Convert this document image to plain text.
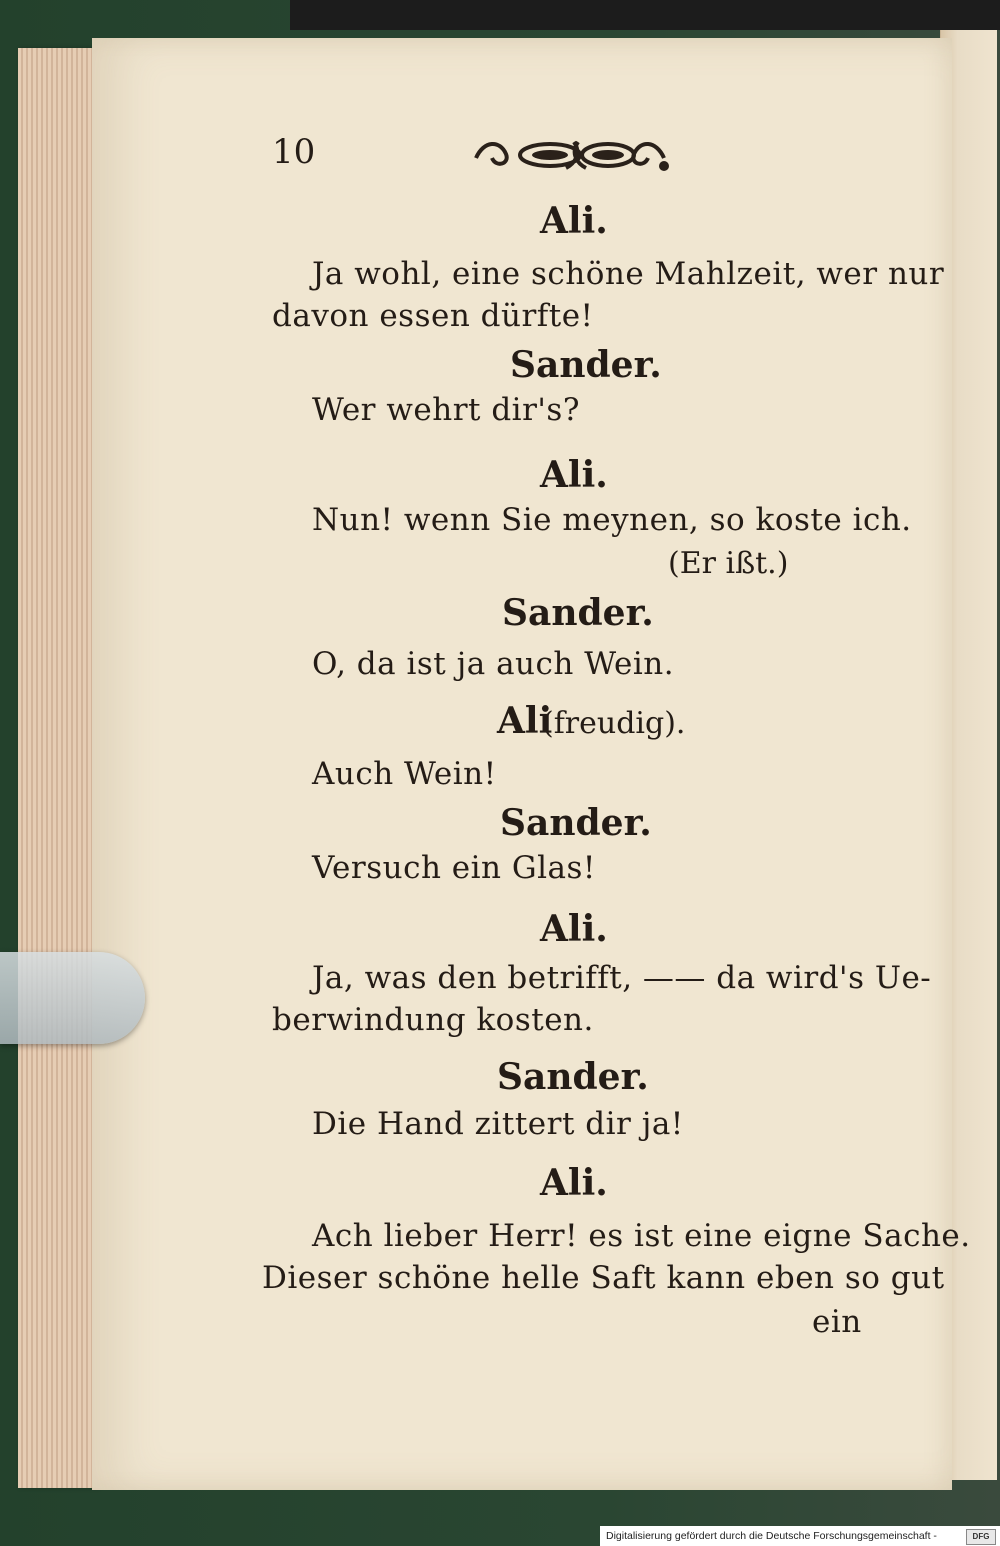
10
Ali.
Ja wohl, eine schöne Mahlzeit, wer nur
davon essen dürfte!
Sander.
Wer wehrt dir's?
Ali.
Nun! wenn Sie meynen, so koste ich.
(Er ißt.)
Sander.
O, da ist ja auch Wein.
Ali
(freudig).
Auch Wein!
Sander.
Versuch ein Glas!
Ali.
Ja, was den betrifft, —— da wird's Ue-
berwindung kosten.
Sander.
Die Hand zittert dir ja!
Ali.
Ach lieber Herr! es ist eine eigne Sache.
Dieser schöne helle Saft kann eben so gut
ein
Digitalisierung gefördert durch die Deutsche Forschungsgemeinschaft -	DFG
